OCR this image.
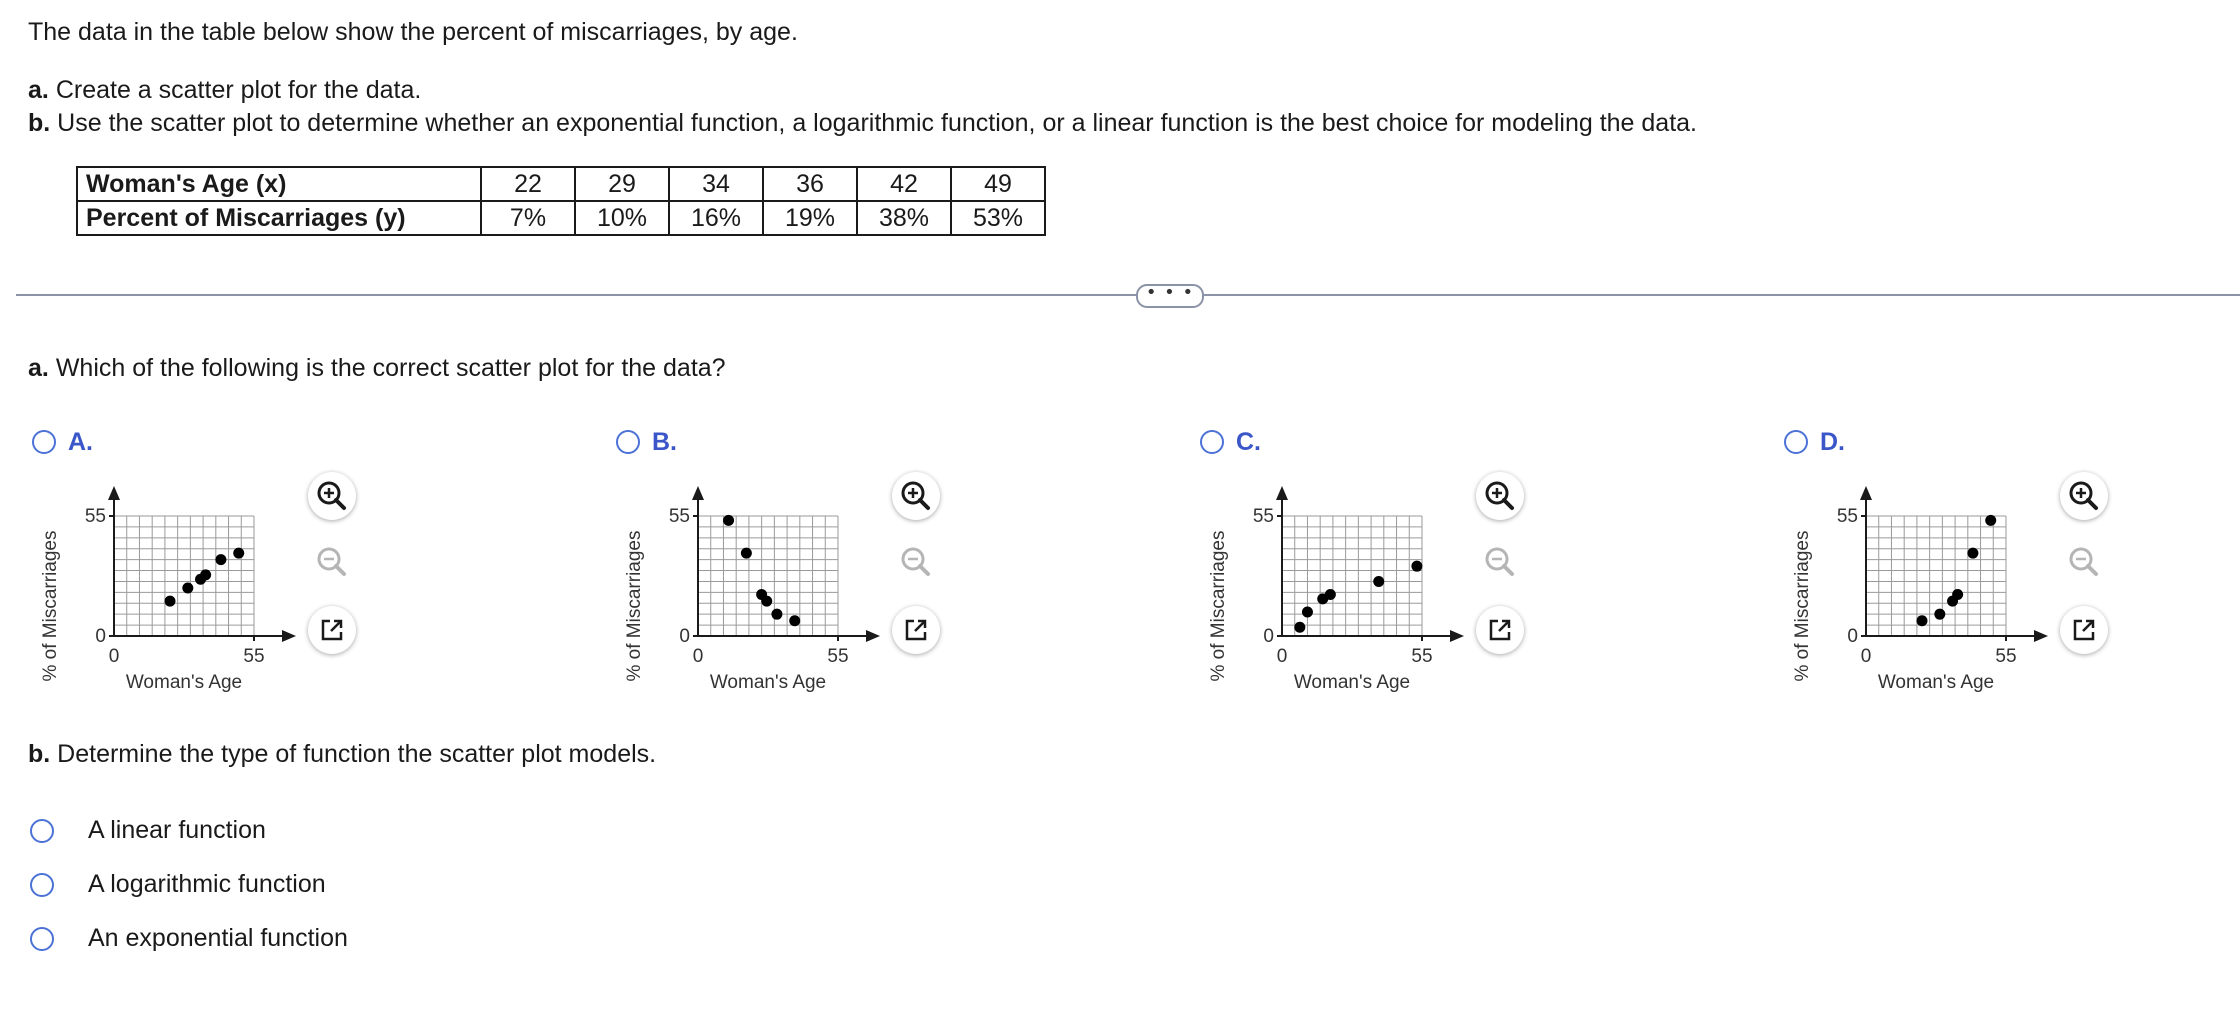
The data in the table below show the percent of miscarriages, by age.
a. Create a scatter plot for the data.
b. Use the scatter plot to determine whether an exponential function, a logarithmic function, or a linear function is the best choice for modeling the data.
Woman's Age (x)	22	29	34	36	42	49
Percent of Miscarriages (y)	7%	10%	16%	19%	38%	53%
• • •
a. Which of the following is the correct scatter plot for the data?
A.
55
0
0	55
Woman's Age
% of Miscarriages
B.
55
0
0	55
Woman's Age
% of Miscarriages
C.
55
0
0	55
Woman's Age
% of Miscarriages
D.
55
0
0	55
Woman's Age
% of Miscarriages
b. Determine the type of function the scatter plot models.
A linear function
A logarithmic function
An exponential function
